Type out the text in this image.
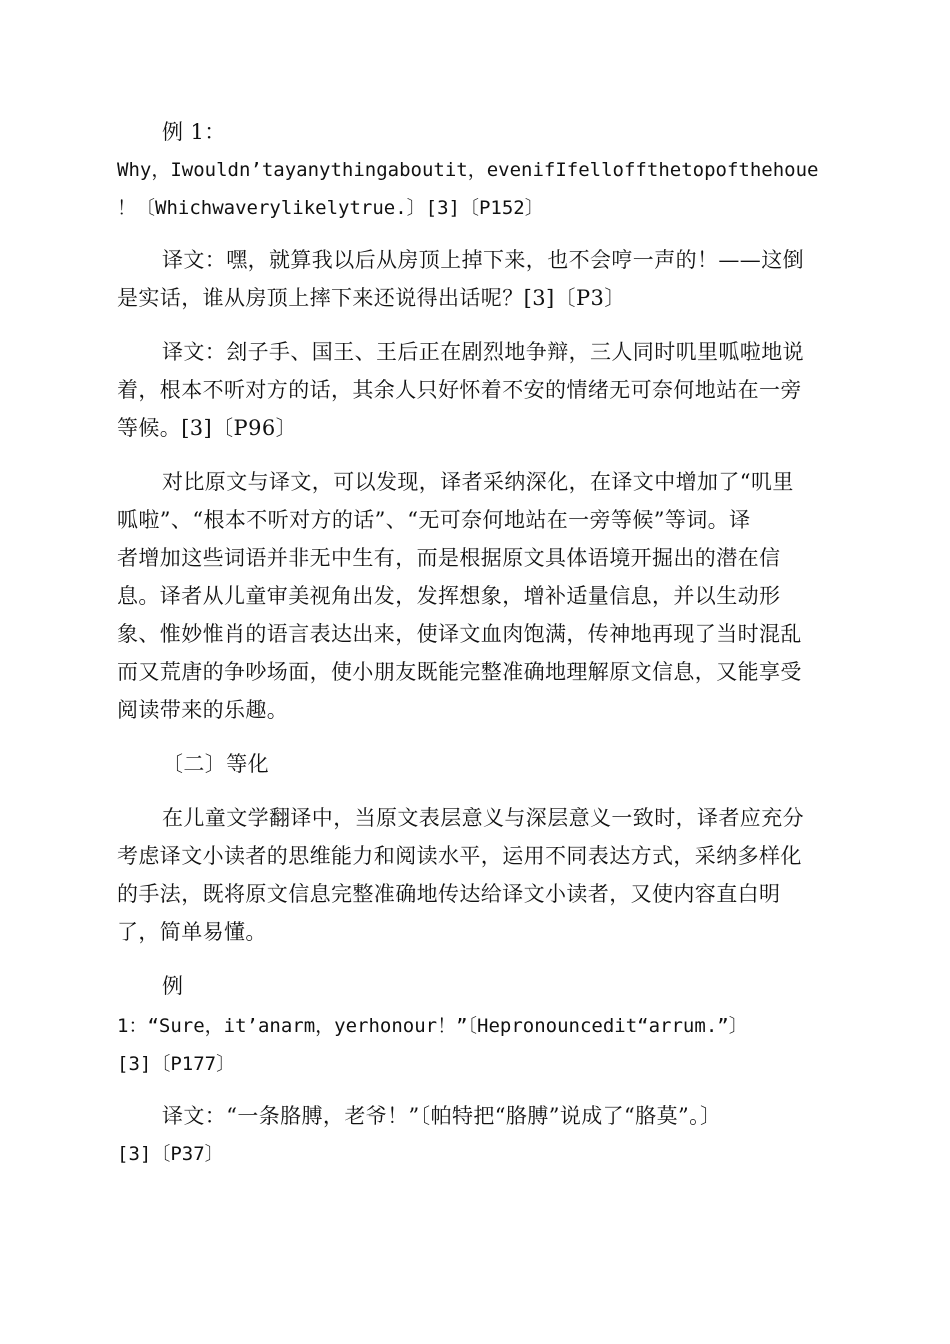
例 1：
Why，Iwouldn’tayanythingaboutit，evenifIfelloffthetopofthehoue
！〔Whichwaverylikelytrue.〕[3]〔P152〕
译文：嘿，就算我以后从房顶上掉下来，也不会哼一声的！——这倒
是实话，谁从房顶上摔下来还说得出话呢？[3]〔P3〕
译文：刽子手、国王、王后正在剧烈地争辩，三人同时叽里呱啦地说
着，根本不听对方的话，其余人只好怀着不安的情绪无可奈何地站在一旁
等候。[3]〔P96〕
对比原文与译文，可以发现，译者采纳深化，在译文中增加了“叽里
呱啦”、“根本不听对方的话”、“无可奈何地站在一旁等候”等词。译
者增加这些词语并非无中生有，而是根据原文具体语境开掘出的潜在信
息。译者从儿童审美视角出发，发挥想象，增补适量信息，并以生动形
象、惟妙惟肖的语言表达出来，使译文血肉饱满，传神地再现了当时混乱
而又荒唐的争吵场面，使小朋友既能完整准确地理解原文信息，又能享受
阅读带来的乐趣。
〔二〕等化
在儿童文学翻译中，当原文表层意义与深层意义一致时，译者应充分
考虑译文小读者的思维能力和阅读水平，运用不同表达方式，采纳多样化
的手法，既将原文信息完整准确地传达给译文小读者，又使内容直白明
了，简单易懂。
例
1：“Sure，it’anarm，yerhonour！”〔Hepronouncedit“arrum.”〕
[3]〔P177〕
译文：“一条胳膊，老爷！”〔帕特把“胳膊”说成了“胳莫”。〕
[3]〔P37〕
